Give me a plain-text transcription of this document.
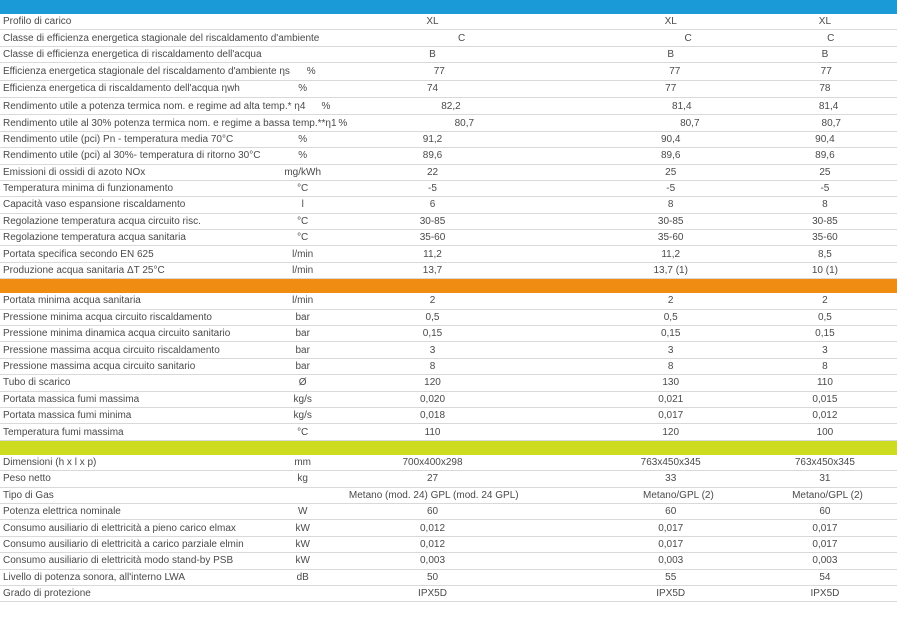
Profilo di carico	XL	XL	XL
Classe di efficienza energetica stagionale del riscaldamento d'ambiente	C	C	C
Classe di efficienza energetica di riscaldamento dell'acqua	B	B	B
Efficienza energetica stagionale del riscaldamento d'ambiente ηs	%	77	77	77
Efficienza energetica di riscaldamento dell'acqua ηwh	%	74	77	78
Rendimento utile a potenza termica nom. e regime ad alta temp.* η4	%	82,2	81,4	81,4
Rendimento utile al 30% potenza termica nom. e regime a bassa temp.**η1 %	80,7	80,7	80,7
Rendimento utile (pci) Pn - temperatura media 70°C	%	91,2	90,4	90,4
Rendimento utile (pci) al 30%- temperatura di ritorno 30°C	%	89,6	89,6	89,6
Emissioni di ossidi di azoto NOx	mg/kWh	22	25	25
Temperatura minima di funzionamento	°C	-5	-5	-5
Capacità vaso espansione riscaldamento	l	6	8	8
Regolazione temperatura acqua circuito risc.	°C	30-85	30-85	30-85
Regolazione temperatura acqua sanitaria	°C	35-60	35-60	35-60
Portata specifica secondo EN 625	l/min	11,2	11,2	8,5
Produzione acqua sanitaria ΔT 25°C	l/min	13,7	13,7 (1)	10 (1)
Portata minima acqua sanitaria	l/min	2	2	2
Pressione minima acqua circuito riscaldamento	bar	0,5	0,5	0,5
Pressione minima dinamica acqua circuito sanitario	bar	0,15	0,15	0,15
Pressione massima acqua circuito riscaldamento	bar	3	3	3
Pressione massima acqua circuito sanitario	bar	8	8	8
Tubo di scarico	Ø	120	130	110
Portata massica fumi massima	kg/s	0,020	0,021	0,015
Portata massica fumi minima	kg/s	0,018	0,017	0,012
Temperatura fumi massima	°C	110	120	100
Dimensioni (h x l x p)	mm	700x400x298	763x450x345	763x450x345
Peso netto	kg	27	33	31
Tipo di Gas	Metano (mod. 24) GPL (mod. 24 GPL)	Metano/GPL (2)	Metano/GPL (2)
Potenza elettrica nominale	W	60	60	60
Consumo ausiliario di elettricità a pieno carico elmax	kW	0,012	0,017	0,017
Consumo ausiliario di elettricità a carico parziale elmin	kW	0,012	0,017	0,017
Consumo ausiliario di elettricità modo stand-by PSB	kW	0,003	0,003	0,003
Livello di potenza sonora, all'interno LWA	dB	50	55	54
Grado di protezione	IPX5D	IPX5D	IPX5D
